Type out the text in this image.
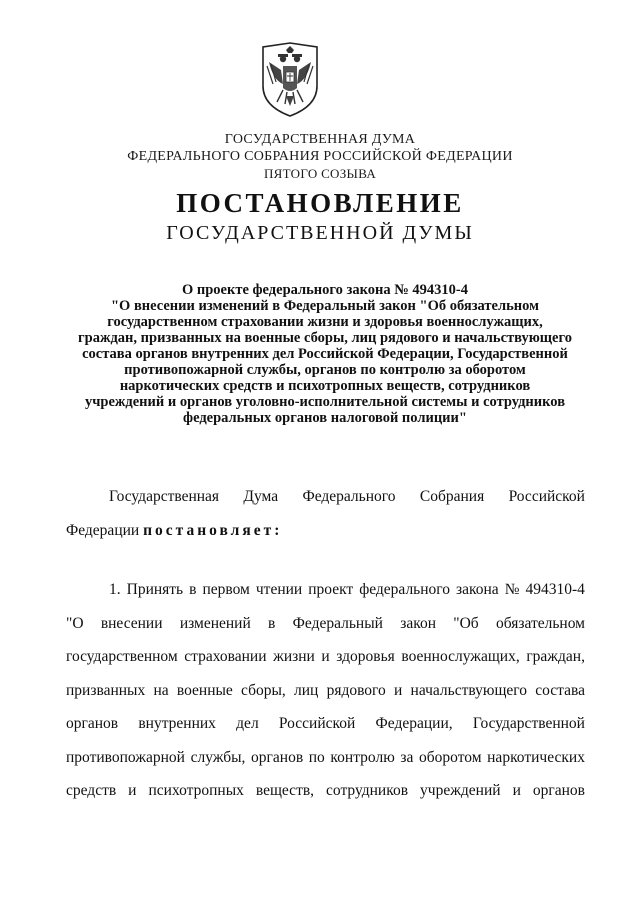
ГОСУДАРСТВЕННАЯ ДУМА
ФЕДЕРАЛЬНОГО СОБРАНИЯ РОССИЙСКОЙ ФЕДЕРАЦИИ
ПЯТОГО СОЗЫВА
ПОСТАНОВЛЕНИЕ
ГОСУДАРСТВЕННОЙ ДУМЫ
О проекте федерального закона № 494310-4
"О внесении изменений в Федеральный закон "Об обязательном
государственном страховании жизни и здоровья военнослужащих,
граждан, призванных на военные сборы, лиц рядового и начальствующего
состава органов внутренних дел Российской Федерации, Государственной
противопожарной службы, органов по контролю за оборотом
наркотических средств и психотропных веществ, сотрудников
учреждений и органов уголовно-исполнительной системы и сотрудников
федеральных органов налоговой полиции"
Государственная Дума Федерального Собрания Российской
Федерации
постановляет:
1. Принять в первом чтении проект федерального закона № 494310-4
"О внесении изменений в Федеральный закон "Об обязательном
государственном страховании жизни и здоровья военнослужащих, граждан,
призванных на военные сборы, лиц рядового и начальствующего состава
органов внутренних дел Российской Федерации, Государственной
противопожарной службы, органов по контролю за оборотом наркотических
средств и психотропных веществ, сотрудников учреждений и органов
